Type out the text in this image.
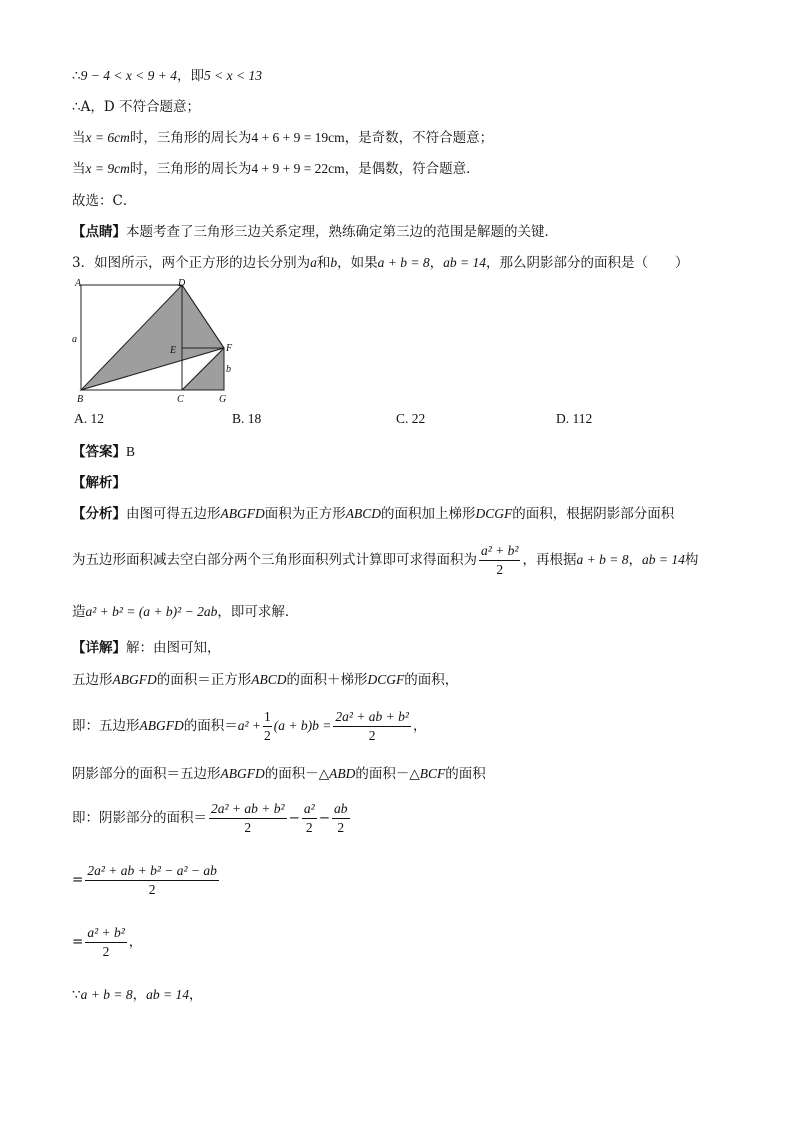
∴9 − 4 < x < 9 + 4，即5 < x < 13
∴A，D 不符合题意；
当x = 6cm时，三角形的周长为4 + 6 + 9 = 19cm，是奇数，不符合题意；
当x = 9cm时，三角形的周长为4 + 9 + 9 = 22cm，是偶数，符合题意．
故选：C．
【点睛】本题考查了三角形三边关系定理，熟练确定第三边的范围是解题的关键．
3．如图所示，两个正方形的边长分别为a和b，如果a + b = 8，ab = 14，那么阴影部分的面积是（　　）
A	D
E	F
a
b
B	C	G
A. 12	B. 18	C. 22	D. 112
【答案】B
【解析】
【分析】由图可得五边形ABGFD面积为正方形ABCD的面积加上梯形DCGF的面积，根据阴影部分面积
为五边形面积减去空白部分两个三角形面积列式计算即可求得面积为 $\frac{\text{a² + b²}}{2}$ ，再根据a + b = 8，ab = 14构
造a² + b² = (a + b)² − 2ab，即可求解．
【详解】解：由图可知，
五边形ABGFD的面积＝正方形ABCD的面积＋梯形DCGF的面积，
即：五边形ABGFD的面积$=a^2 + \frac{1}{2} (a + b)b = \frac{\text{2a² + ab + b²}}{2}$ ，
阴影部分的面积＝五边形ABGFD的面积－△ABD的面积－△BCF的面积
即：阴影部分的面积＝ $\frac{\text{2a² + ab + b²}}{2} - \frac{\text{a²}}{2} - \frac{ab}{2}$
= $\frac{\text{2a² + ab + b² − a² − ab}}{2}$
= $\frac{\text{a² + b²}}{2}$ ，
∵a + b = 8，ab = 14，
